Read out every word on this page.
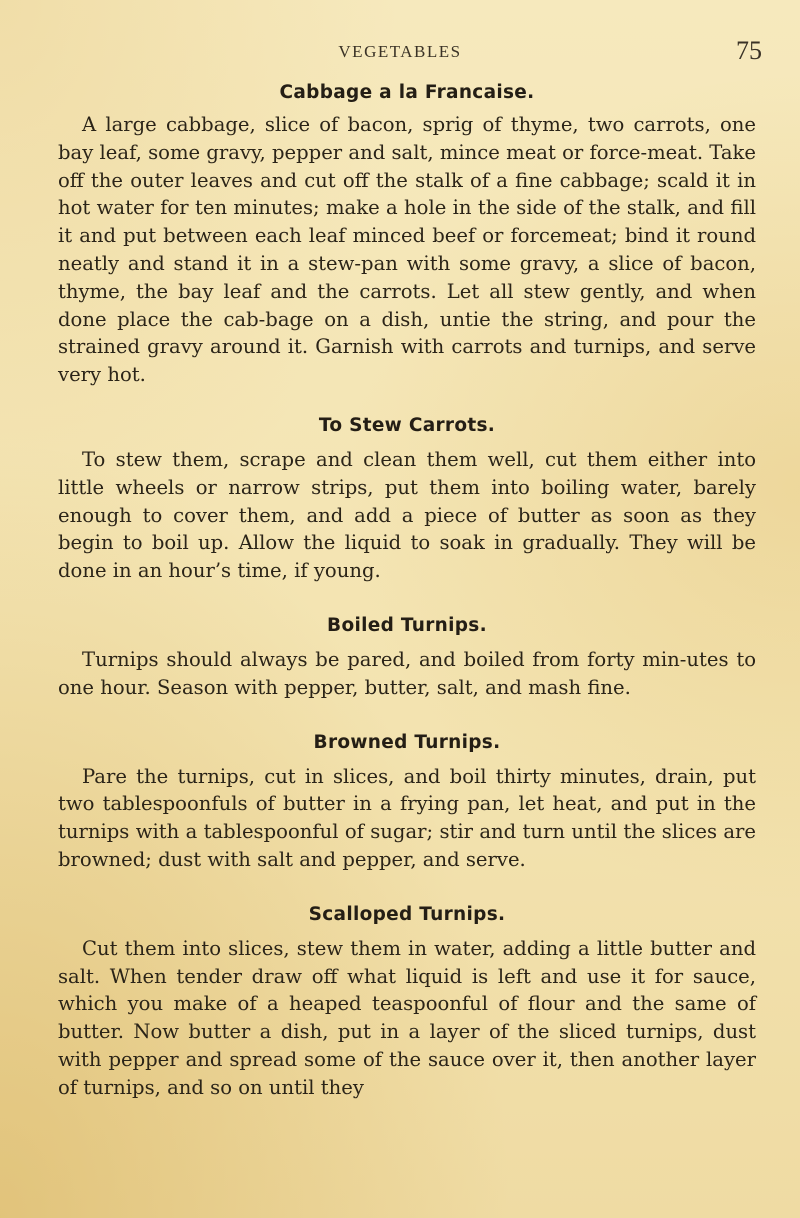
VEGETABLES	75
Cabbage a la Francaise.

A large cabbage, slice of bacon, sprig of thyme, two carrots, one bay leaf, some gravy, pepper and salt, mince meat or force-meat. Take off the outer leaves and cut off the stalk of a fine cabbage; scald it in hot water for ten minutes; make a hole in the side of the stalk, and fill it and put between each leaf minced beef or forcemeat; bind it round neatly and stand it in a stew-pan with some gravy, a slice of bacon, thyme, the bay leaf and the carrots. Let all stew gently, and when done place the cab-bage on a dish, untie the string, and pour the strained gravy around it. Garnish with carrots and turnips, and serve very hot.

To Stew Carrots.

To stew them, scrape and clean them well, cut them either into little wheels or narrow strips, put them into boiling water, barely enough to cover them, and add a piece of butter as soon as they begin to boil up. Allow the liquid to soak in gradually. They will be done in an hour’s time, if young.

Boiled Turnips.

Turnips should always be pared, and boiled from forty min-utes to one hour. Season with pepper, butter, salt, and mash fine.

Browned Turnips.

Pare the turnips, cut in slices, and boil thirty minutes, drain, put two tablespoonfuls of butter in a frying pan, let heat, and put in the turnips with a tablespoonful of sugar; stir and turn until the slices are browned; dust with salt and pepper, and serve.

Scalloped Turnips.

Cut them into slices, stew them in water, adding a little butter and salt. When tender draw off what liquid is left and use it for sauce, which you make of a heaped teaspoonful of flour and the same of butter. Now butter a dish, put in a layer of the sliced turnips, dust with pepper and spread some of the sauce over it, then another layer of turnips, and so on until they
